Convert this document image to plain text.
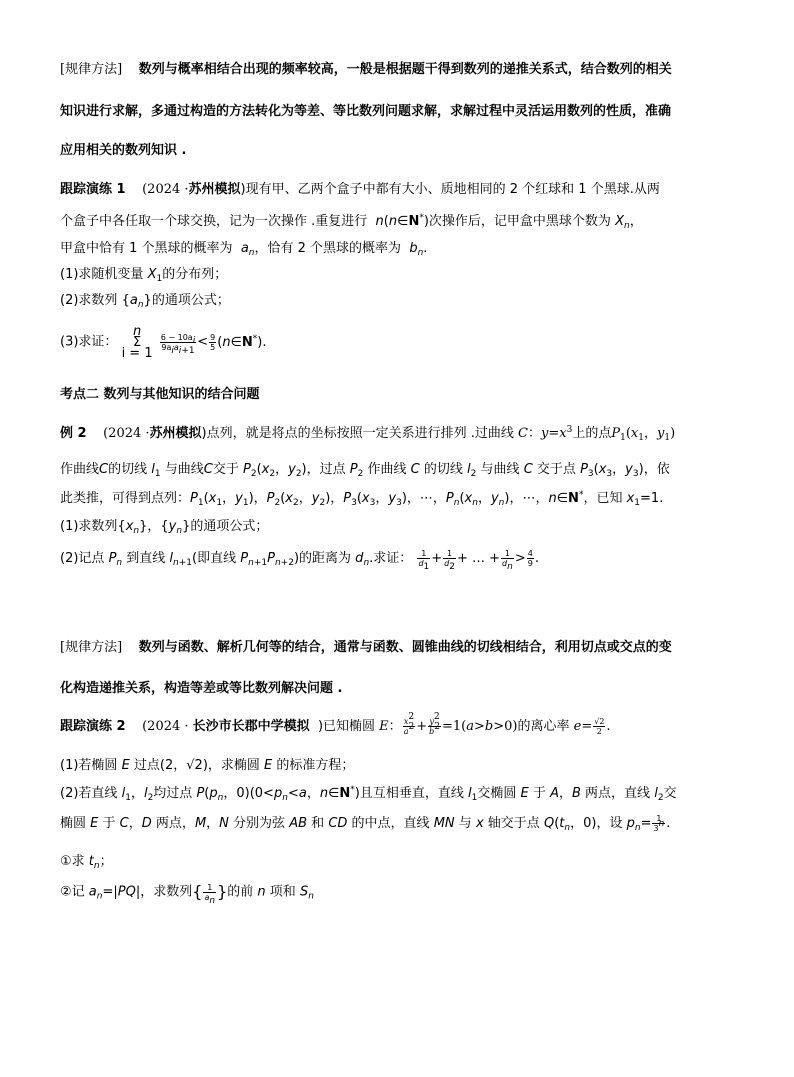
[规律方法] 数列与概率相结合出现的频率较高，一般是根据题干得到数列的递推关系式，结合数列的相关
知识进行求解，多通过构造的方法转化为等差、等比数列问题求解，求解过程中灵活运用数列的性质，准确
应用相关的数列知识 .
跟踪演练 1 (2024 ·苏州模拟)现有甲、乙两个盒子中都有大小、质地相同的 2 个红球和 1 个黑球.从两
个盒子中各任取一个球交换，记为一次操作 .重复进行 n(n∈N*)次操作后，记甲盒中黑球个数为 $X_n$，
甲盒中恰有 1 个黑球的概率为 $a_n$，恰有 2 个黑球的概率为 $b_n$.
(1)求随机变量 $X_1$的分布列；
(2)求数列 $\{a_n\}$的通项公式；
(3)求证：
n
Σ
i = 1

$\frac{6 - 10a_i}{9a_ia_{i+1}} < \frac{9}{5}$ (n∈N*).
考点二 数列与其他知识的结合问题
例 2 (2024 ·苏州模拟)点列，就是将点的坐标按照一定关系进行排列 .过曲线 C：$y=x^3$上的点$P_1(x_1$，$y_1$)
作曲线C的切线 $l_1$ 与曲线C交于 $P_2(x_2$，$y_2$)，过点 $P_2$ 作曲线 C 的切线 $l_2$ 与曲线 C 交于点 $P_3(x_3$，$y_3$)，依
此类推，可得到点列：$P_1(x_1$，$y_1$)，$P_2(x_2$，$y_2$)，$P_3(x_3$，$y_3$)，⋯，$P_n(x_n$，$y_n$)，⋯，n∈N*，已知 $x_1=1$.
(1)求数列$\{x_n\}$，$\{y_n\}$的通项公式；
(2)记点 $P_n$ 到直线 $l_{n+1}$(即直线 $P_{n+1}P_{n+2}$)的距离为 $d_n$.求证： $\frac{1}{d_1} + \frac{1}{d_2}$ + … + $\frac{1}{d_n} > \frac{4}{9}$ .
[规律方法] 数列与函数、解析几何等的结合，通常与函数、圆锥曲线的切线相结合，利用切点或交点的变
化构造递推关系，构造等差或等比数列解决问题 .
跟踪演练 2 (2024 · 长沙市长郡中学模拟 )已知椭圆 E： $\frac{x^2}{a^2} + \frac{y^2}{b^2} =1(a>b>0)$的离心率 $e= \frac{√2}{2}$ .
(1)若椭圆 E 过点(2，√2)，求椭圆 E 的标准方程；
(2)若直线 $l_1$，$l_2$均过点 $P(p_n$，$0)(0<p_n<a$，n∈N*)且互相垂直，直线 $l_1$交椭圆 E 于 A，B 两点，直线 $l_2$交
椭圆 E 于 C，D 两点，M，N 分别为弦 AB 和 CD 的中点，直线 MN 与 x 轴交于点 $Q(t_n$，0)，设 $p_n= \frac{1}{3^n}$ .
①求 $t_n$；
②记 $a_n=|PQ|$，求数列{ $\frac{1}{a_n}$ }的前 n 项和 $S_n$
